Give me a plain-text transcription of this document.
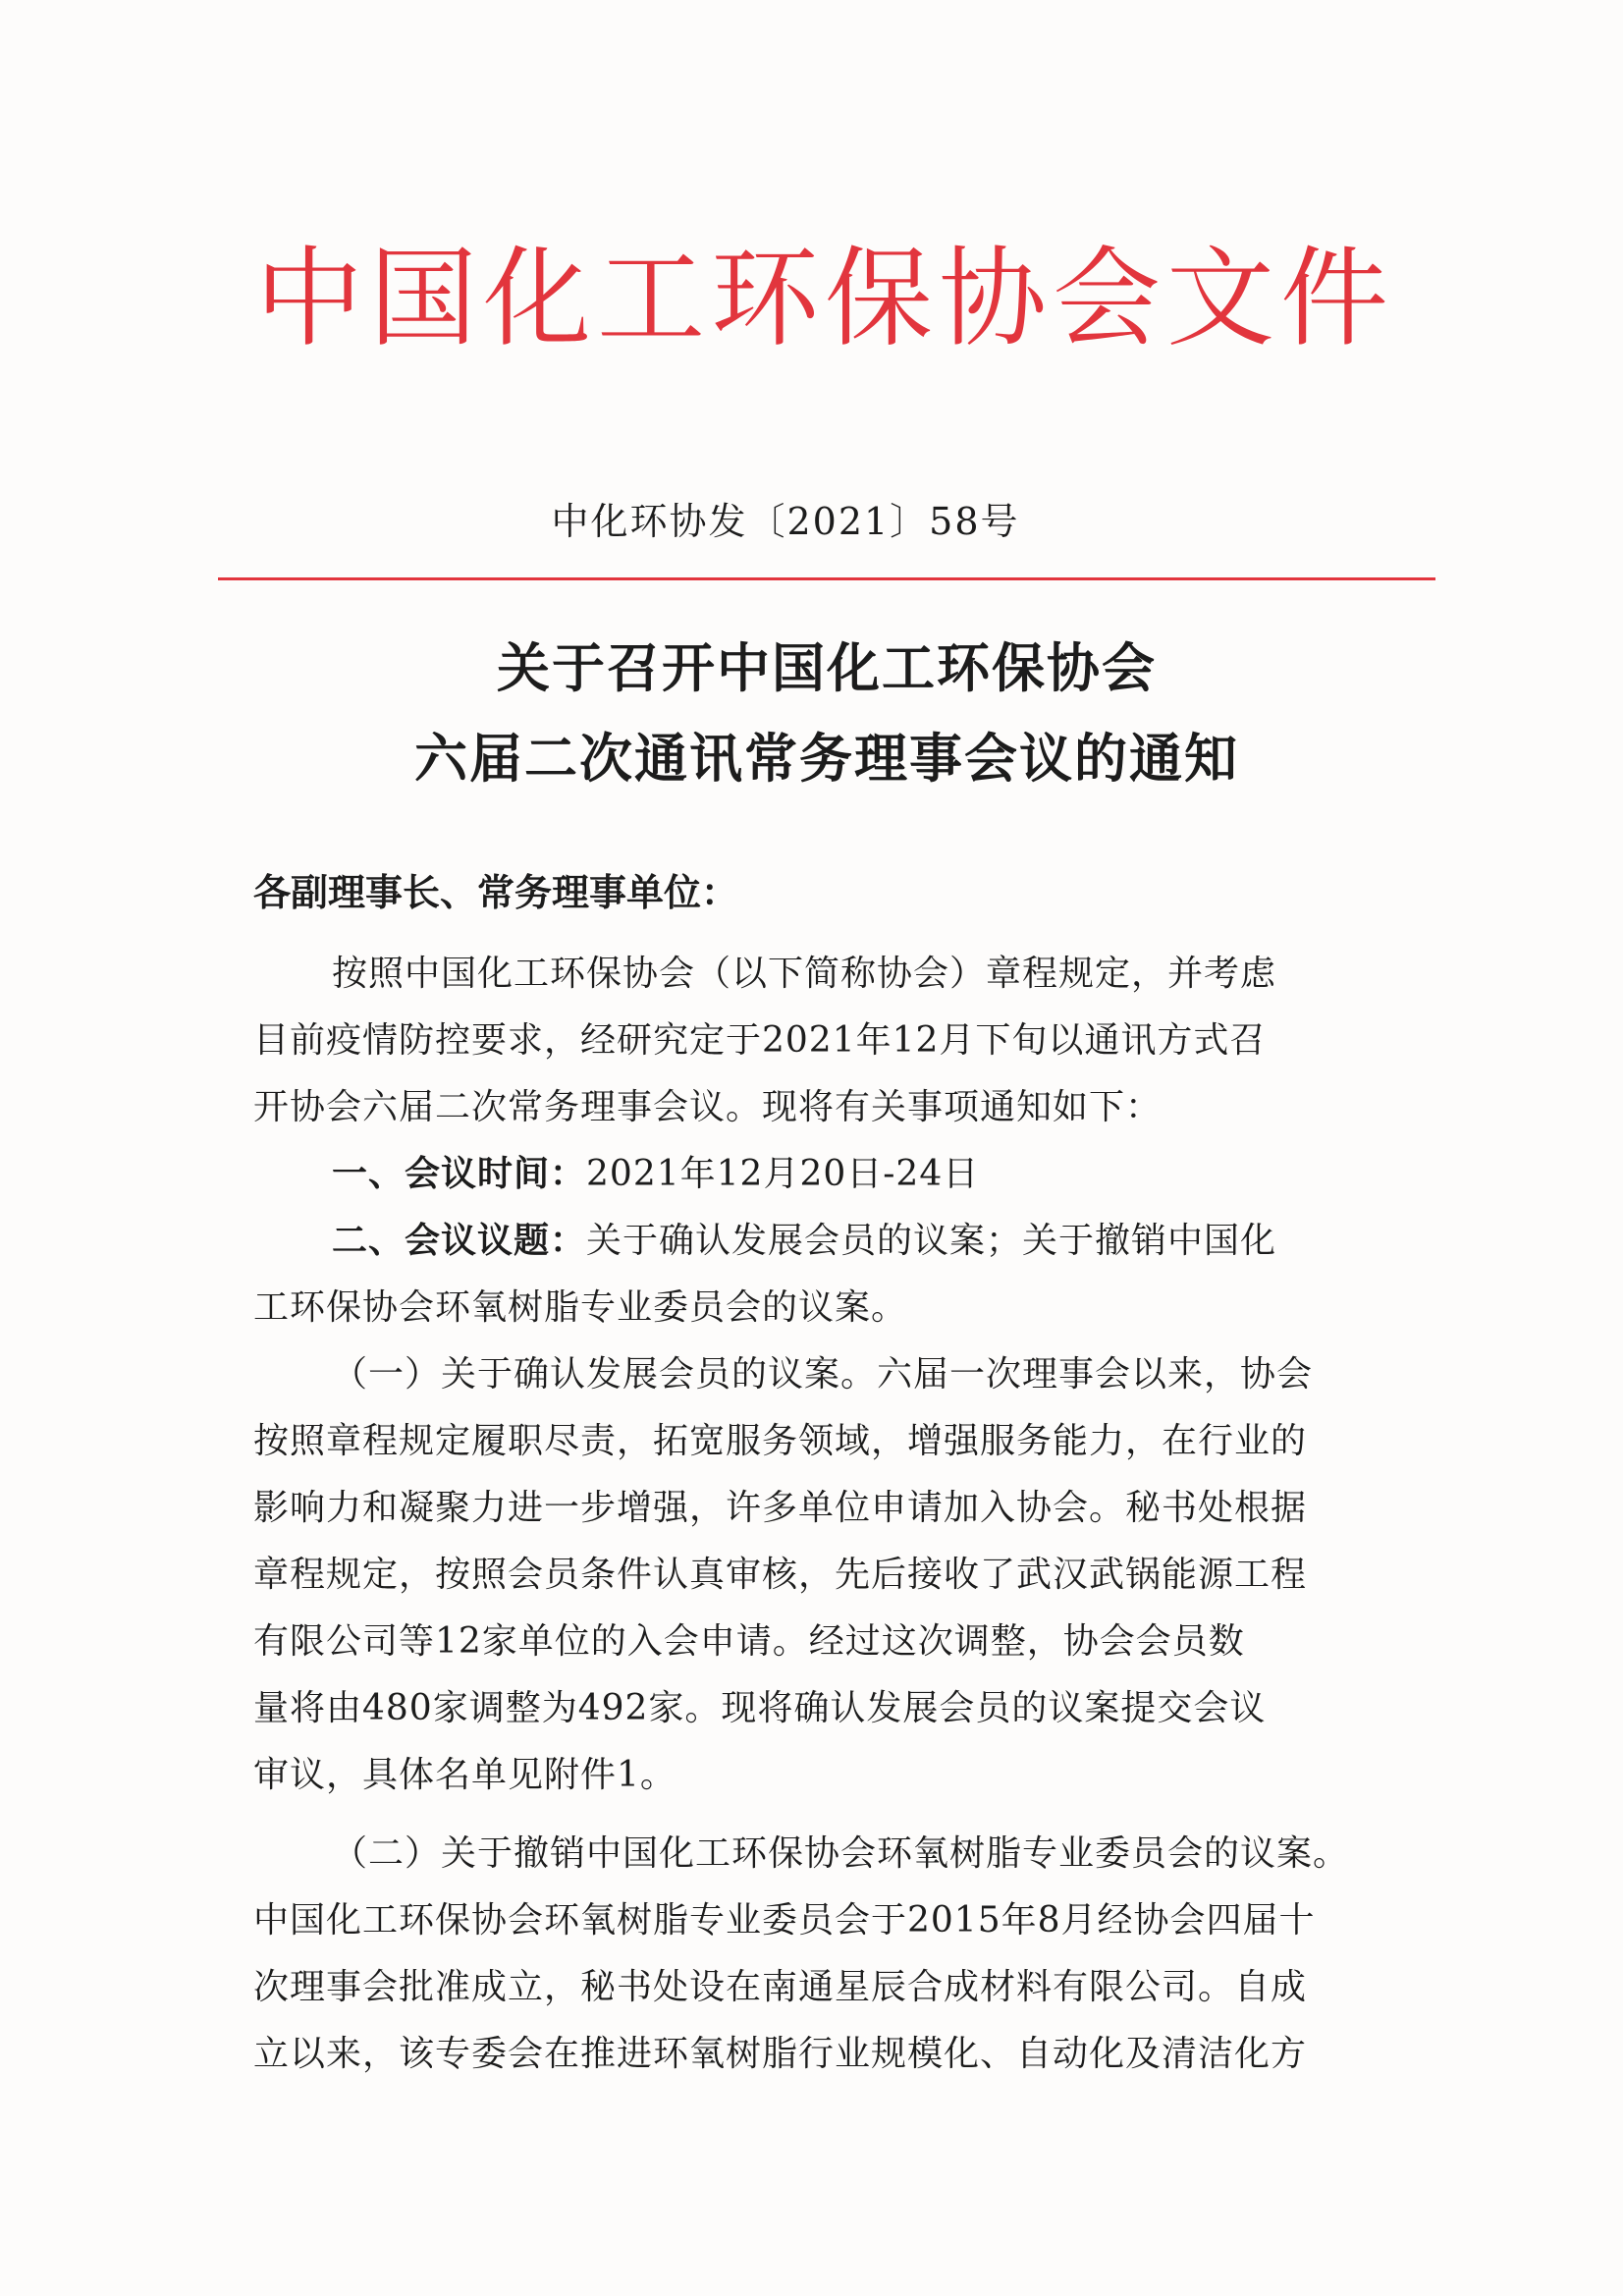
中国化工环保协会文件
中化环协发〔2021〕58号
关于召开中国化工环保协会
六届二次通讯常务理事会议的通知
各副理事长、常务理事单位：
按照中国化工环保协会（以下简称协会）章程规定，并考虑
目前疫情防控要求，经研究定于2021年12月下旬以通讯方式召
开协会六届二次常务理事会议。现将有关事项通知如下：
一、会议时间：2021年12月20日-24日
二、会议议题：关于确认发展会员的议案；关于撤销中国化
工环保协会环氧树脂专业委员会的议案。
（一）关于确认发展会员的议案。六届一次理事会以来，协会
按照章程规定履职尽责，拓宽服务领域，增强服务能力，在行业的
影响力和凝聚力进一步增强，许多单位申请加入协会。秘书处根据
章程规定，按照会员条件认真审核，先后接收了武汉武锅能源工程
有限公司等12家单位的入会申请。经过这次调整，协会会员数
量将由480家调整为492家。现将确认发展会员的议案提交会议
审议，具体名单见附件1。
（二）关于撤销中国化工环保协会环氧树脂专业委员会的议案。
中国化工环保协会环氧树脂专业委员会于2015年8月经协会四届十
次理事会批准成立，秘书处设在南通星辰合成材料有限公司。自成
立以来，该专委会在推进环氧树脂行业规模化、自动化及清洁化方
